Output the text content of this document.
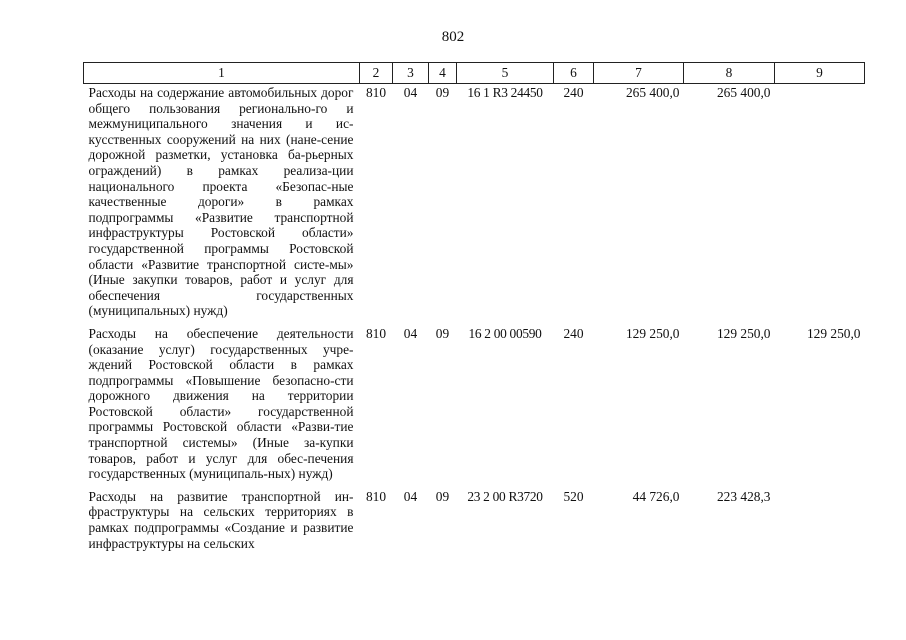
802
1	2	3	4	5	6	7	8	9
Расходы на содержание автомобильных дорог общего пользования регионально-го и межмуниципального значения и ис-кусственных сооружений на них (нане-сение дорожной разметки, установка ба-рьерных ограждений) в рамках реализа-ции национального проекта «Безопас-ные качественные дороги» в рамках подпрограммы «Развитие транспортной инфраструктуры Ростовской области» государственной программы Ростовской области «Развитие транспортной систе-мы» (Иные закупки товаров, работ и услуг для обеспечения государственных (муниципальных) нужд)	810	04	09	16 1 R3 24450	240	265 400,0	265 400,0	
Расходы на обеспечение деятельности (оказание услуг) государственных учре-ждений Ростовской области в рамках подпрограммы «Повышение безопасно-сти дорожного движения на территории Ростовской области» государственной программы Ростовской области «Разви-тие транспортной системы» (Иные за-купки товаров, работ и услуг для обес-печения государственных (муниципаль-ных) нужд)	810	04	09	16 2 00 00590	240	129 250,0	129 250,0	129 250,0
Расходы на развитие транспортной ин-фраструктуры на сельских территориях в рамках подпрограммы «Создание и развитие инфраструктуры на сельских	810	04	09	23 2 00 R3720	520	44 726,0	223 428,3	
